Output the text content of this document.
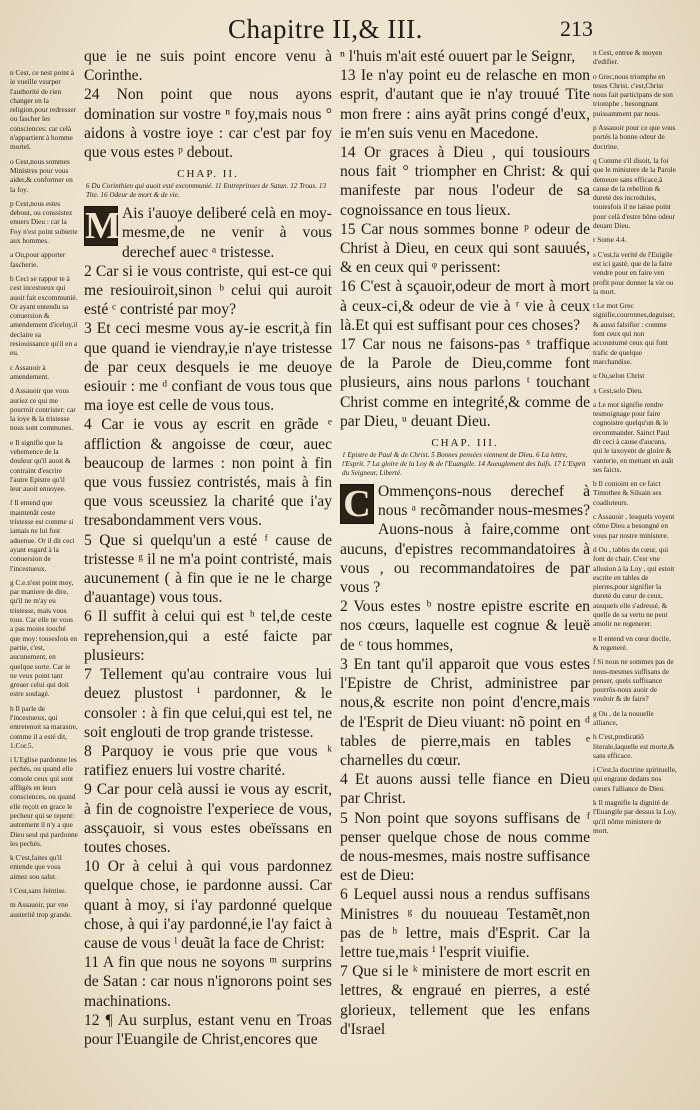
Chapitre II,& III.	213
n Cest, ce nest point à ie vueille vsurper l'authorité de rien changer en la religion,pour redresser ou fascher les consciences: car celà n'appartient à homme mortel.
o Cest,nous sommes Ministres pour vous aider,& conformer en la foy.
p Cest,nous estes debout, ou conssistez enuers Dieu : car la Foy n'est point subiette aux hommes.
a Ou,pour apporter fascherie.
b Ceci se rappor te à cest incestueux qui auoit fait excommunié. Or ayant entendu sa conuersion & amendement d'iceluy,il declaire sa resiouissance qu'il en a eu.
c Assauoir à amendement.
d Assauoir que vous auriez ce qui me pourroit contrister: car la ioye & la tristesse nous sont communes.
e Il signifie que la vehemence de la douleur qu'il auoit & contraint d'escrire l'autre Epistre qu'il leur auoit enuoyee.
f Il entend que maintenãt ceste tristesse est comme si iamais ne lui fust aduenue. Or il dit ceci ayant esgard à la conuersion de l'incestueux.
g C.e.n'est point moy, par maniere de dire, qu'il ne m'ay eu tristesse, mais vous tous. Car elle ne vous a pas moins touché que moy: tousesfois en partie, c'est, aucunement, en quelque sorte. Car ie ne veux point tant greuer celui qui doit estre soulagé.
h Il parle de l'incestueux, qui entretenoit sa marastre, comme il a esté dit, 1.Cor.5.
i L'Eglise pardonne les pechés, ou quand elle console ceux qui sont affligés en leurs consciences, ou quand elle reçoit en grace le pecheur qui se repent: autrement il n'y a que Dieu seul qui pardonne les pechés.
k C'est,faites qu'il entende que vous aimez sou salut.
l Cest,sans feintise.
m Assauoir, par vne austerité trop grande.
que ie ne suis point encore venu à Corinthe.
24 Non point que nous ayons domination sur vostre ⁿ foy,mais nous ° aidons à vostre ioye : car c'est par foy que vous estes ᵖ debout.
CHAP. II.
6 Du Corinthien qui auoit esté excommunié. 11 Entreprinses de Satan. 12 Troas. 13 Tite. 16 Odeur de mort & de vie.
M Ais i'auoye deliberé celà en moy-mesme,de ne venir à vous derechef auec ᵃ tristesse.
2 Car si ie vous contriste, qui est-ce qui me resiouiroit,sinon ᵇ celui qui auroit esté ᶜ contristé par moy?
3 Et ceci mesme vous ay-ie escrit,à fin que quand ie viendray,ie n'aye tristesse de par ceux desquels ie me deuoye esiouir : me ᵈ confiant de vous tous que ma ioye est celle de vous tous.
4 Car ie vous ay escrit en grãde ᵉ affliction & angoisse de cœur, auec beaucoup de larmes : non point à fin que vous fussiez contristés, mais à fin que vous sceussiez la charité que i'ay tresabondamment vers vous.
5 Que si quelqu'un a esté ᶠ cause de tristesse ᵍ il ne m'a point contristé, mais aucunement ( à fin que ie ne le charge d'auantage) vous tous.
6 Il suffit à celui qui est ʰ tel,de ceste reprehension,qui a esté faicte par plusieurs:
7 Tellement qu'au contraire vous lui deuez plustost ⁱ pardonner, & le consoler : à fin que celui,qui est tel, ne soit englouti de trop grande tristesse.
8 Parquoy ie vous prie que vous ᵏ ratifiez enuers lui vostre charité.
9 Car pour celà aussi ie vous ay escrit, à fin de cognoistre l'experiece de vous, assçauoir, si vous estes obeïssans en toutes choses.
10 Or à celui à qui vous pardonnez quelque chose, ie pardonne aussi. Car quant à moy, si i'ay pardonné quelque chose, à qui i'ay pardonné,ie l'ay faict à cause de vous ˡ deuãt la face de Christ:
11 A fin que nous ne soyons ᵐ surprins de Satan : car nous n'ignorons point ses machinations.
12 ¶ Au surplus, estant venu en Troas pour l'Euangile de Christ,encores que
ⁿ l'huis m'ait esté ouuert par le Seignr,
13 Ie n'ay point eu de relasche en mon esprit, d'autant que ie n'ay trouué Tite mon frere : ains ayãt prins congé d'eux, ie m'en suis venu en Macedone.
14 Or graces à Dieu , qui tousiours nous fait ° triompher en Christ: & qui manifeste par nous l'odeur de sa cognoissance en tous lieux.
15 Car nous sommes bonne ᵖ odeur de Christ à Dieu, en ceux qui sont sauués, & en ceux qui ᵠ perissent:
16 C'est à sçauoir,odeur de mort à mort à ceux-ci,& odeur de vie à ʳ vie à ceux là.Et qui est suffisant pour ces choses?
17 Car nous ne faisons-pas ˢ traffique de la Parole de Dieu,comme font plusieurs, ains nous parlons ᵗ touchant Christ comme en integrité,& comme de par Dieu, ᵘ deuant Dieu.
CHAP. III.
1 Epistre de Paul & de Christ. 5 Bonnes pensées viennent de Dieu. 6 La lettre, l'Esprit. 7 La gloire de la Loy & de l'Euangile. 14 Aueuglement des Iuifs. 17 L'Esprit du Seigneur, Liberté.
C Ommençons-nous derechef à nous ᵃ recõmander nous-mesmes? Auons-nous à faire,comme ont aucuns, d'epistres recommandatoires à vous , ou recommandatoires de par vous ?
2 Vous estes ᵇ nostre epistre escrite en nos cœurs, laquelle est cognue & leuë de ᶜ tous hommes,
3 En tant qu'il apparoit que vous estes l'Epistre de Christ, administree par nous,& escrite non point d'encre,mais de l'Esprit de Dieu viuant: nõ point en ᵈ tables de pierre,mais en tables ᵉ charnelles du cœur.
4 Et auons aussi telle fiance en Dieu par Christ.
5 Non point que soyons suffisans de ᶠ penser quelque chose de nous comme de nous-mesmes, mais nostre suffisance est de Dieu:
6 Lequel aussi nous a rendus suffisans Ministres ᵍ du nouueau Testamẽt,non pas de ʰ lettre, mais d'Esprit. Car la lettre tue,mais ⁱ l'esprit viuifie.
7 Que si le ᵏ ministere de mort escrit en lettres, & engraué en pierres, a esté glorieux, tellement que les enfans d'Israel
n Cest, entree & moyen d'edifier.
o Grec,nous triomphe en tesus Christ. c'est,Christ nous fait participans de son triomphe , besongnant puissamment par nous.
p Assauoir pour ce que vous portés la bonne odeur de doctrine.
q Comme s'il disoit, la foi que le ministere de la Parole demeure sans efficace,à cause de la rebellion & dureté des incredules, toutesfois il ne laisse point pour celà d'estre bõne odeur deuant Dieu.
r Some 4.4.
s C'est,la verité de l'Euigile est ici gasté, que de la faire vendre pour en faire ven profit pour donner la vie ou la mort.
t Le mot Grec signifie,couronnes,deguiser, & aussi falsifier : comme font ceux qui non accoustumé ceux qui font trafic de quelque marchandise.
u Ou,selon Christ
x Cest,selo Dieu.
a Le mot signifie rendre tesmoignage pour faire cognoistre quelqu'un & le recommander. Sainct Paul dit ceci à cause d'aucuns, qui le taxoyent de gloire & vanterie, en mettant en auãt ses faicts.
b Il conioint en ce faict Timothee & Siluain ses coadiuteurs.
c Assauoir , lesquels voyent côme Dieu a besongné en vous par nostre ministere.
d Ou , tables du cœur, qui font de chair. C'est vne allusion à la Loy , qui estoit escrite en tables de pierres,pour signifier la dureté du cœur de ceux, ausquels elle s'adressé, & quelle de sa vertu ne peut amolir ne regenerer.
e Il entend vn cœur docile, & regeneré.
f Si nous ne sommes pas de nous-mesmes suffisans de penser, quels suffisance pourrõs-nous auoir de vouloir & de faire?
g Ou , de la nouuelle alliance,
h C'est,predicatiõ literale,laquelle est morte,& sans efficace.
i C'est,la doctrine spirituelle, qui engraue dedans nos cœurs l'alliance de Dieu.
k Il magnifie la dignité de l'Euangile par dessus la Loy, qu'il nõme ministere de mort.
